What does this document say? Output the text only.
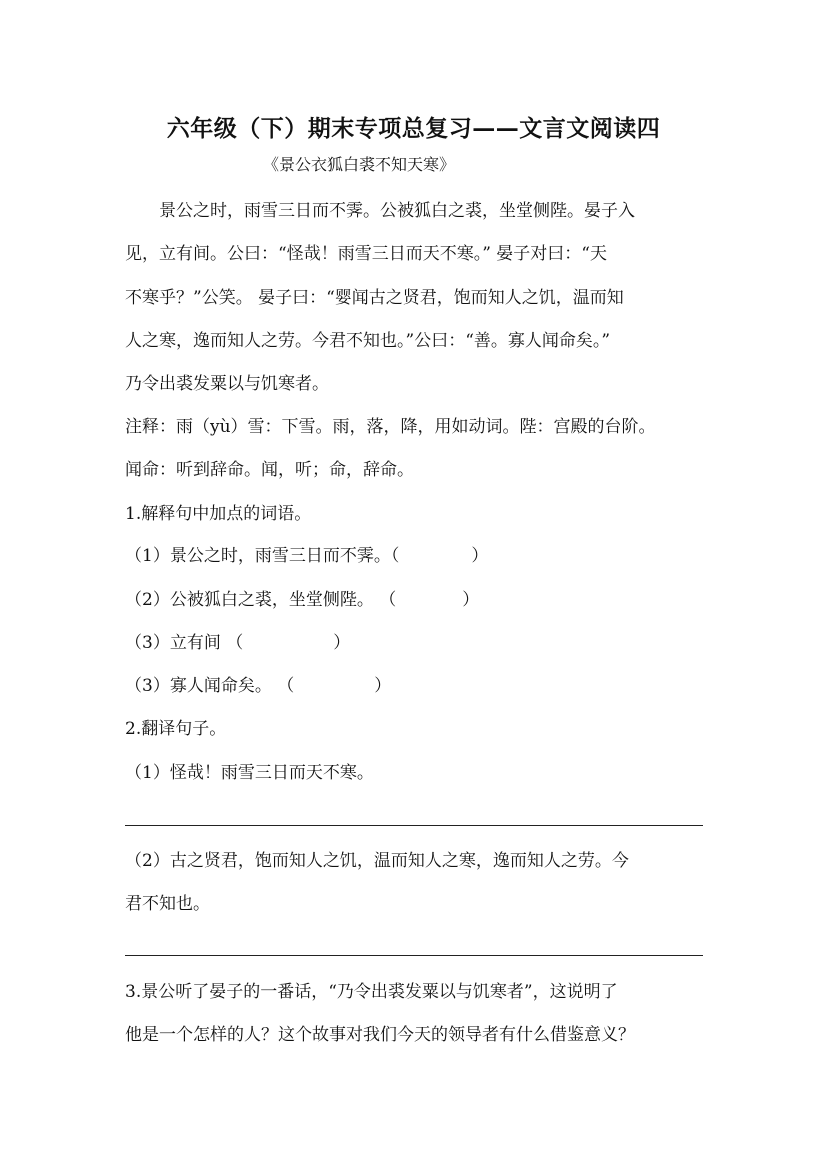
六年级（下）期末专项总复习——文言文阅读四
《景公衣狐白裘不知天寒》
　　景公之时，雨雪三日而不霁。公被狐白之裘，坐堂侧陛。晏子入
见，立有间。公曰：“怪哉！雨雪三日而天不寒。” 晏子对曰：“天
不寒乎？”公笑。 晏子曰：“婴闻古之贤君，饱而知人之饥，温而知
人之寒，逸而知人之劳。今君不知也。”公曰：“善。寡人闻命矣。”
乃令出裘发粟以与饥寒者。
注释：雨（yù）雪：下雪。雨，落，降，用如动词。陛：宫殿的台阶。
闻命：听到辞命。闻，听；命，辞命。
1.解释句中加点的词语。
（1）景公之时，雨雪三日而不霁。（	）
（2）公被狐白之裘，坐堂侧陛。 （	）
（3）立有间 （	）
（3）寡人闻命矣。 （	）
2.翻译句子。
（1）怪哉！雨雪三日而天不寒。
（2）古之贤君，饱而知人之饥，温而知人之寒，逸而知人之劳。今
君不知也。
3.景公听了晏子的一番话，“乃令出裘发粟以与饥寒者”，这说明了
他是一个怎样的人？这个故事对我们今天的领导者有什么借鉴意义？
